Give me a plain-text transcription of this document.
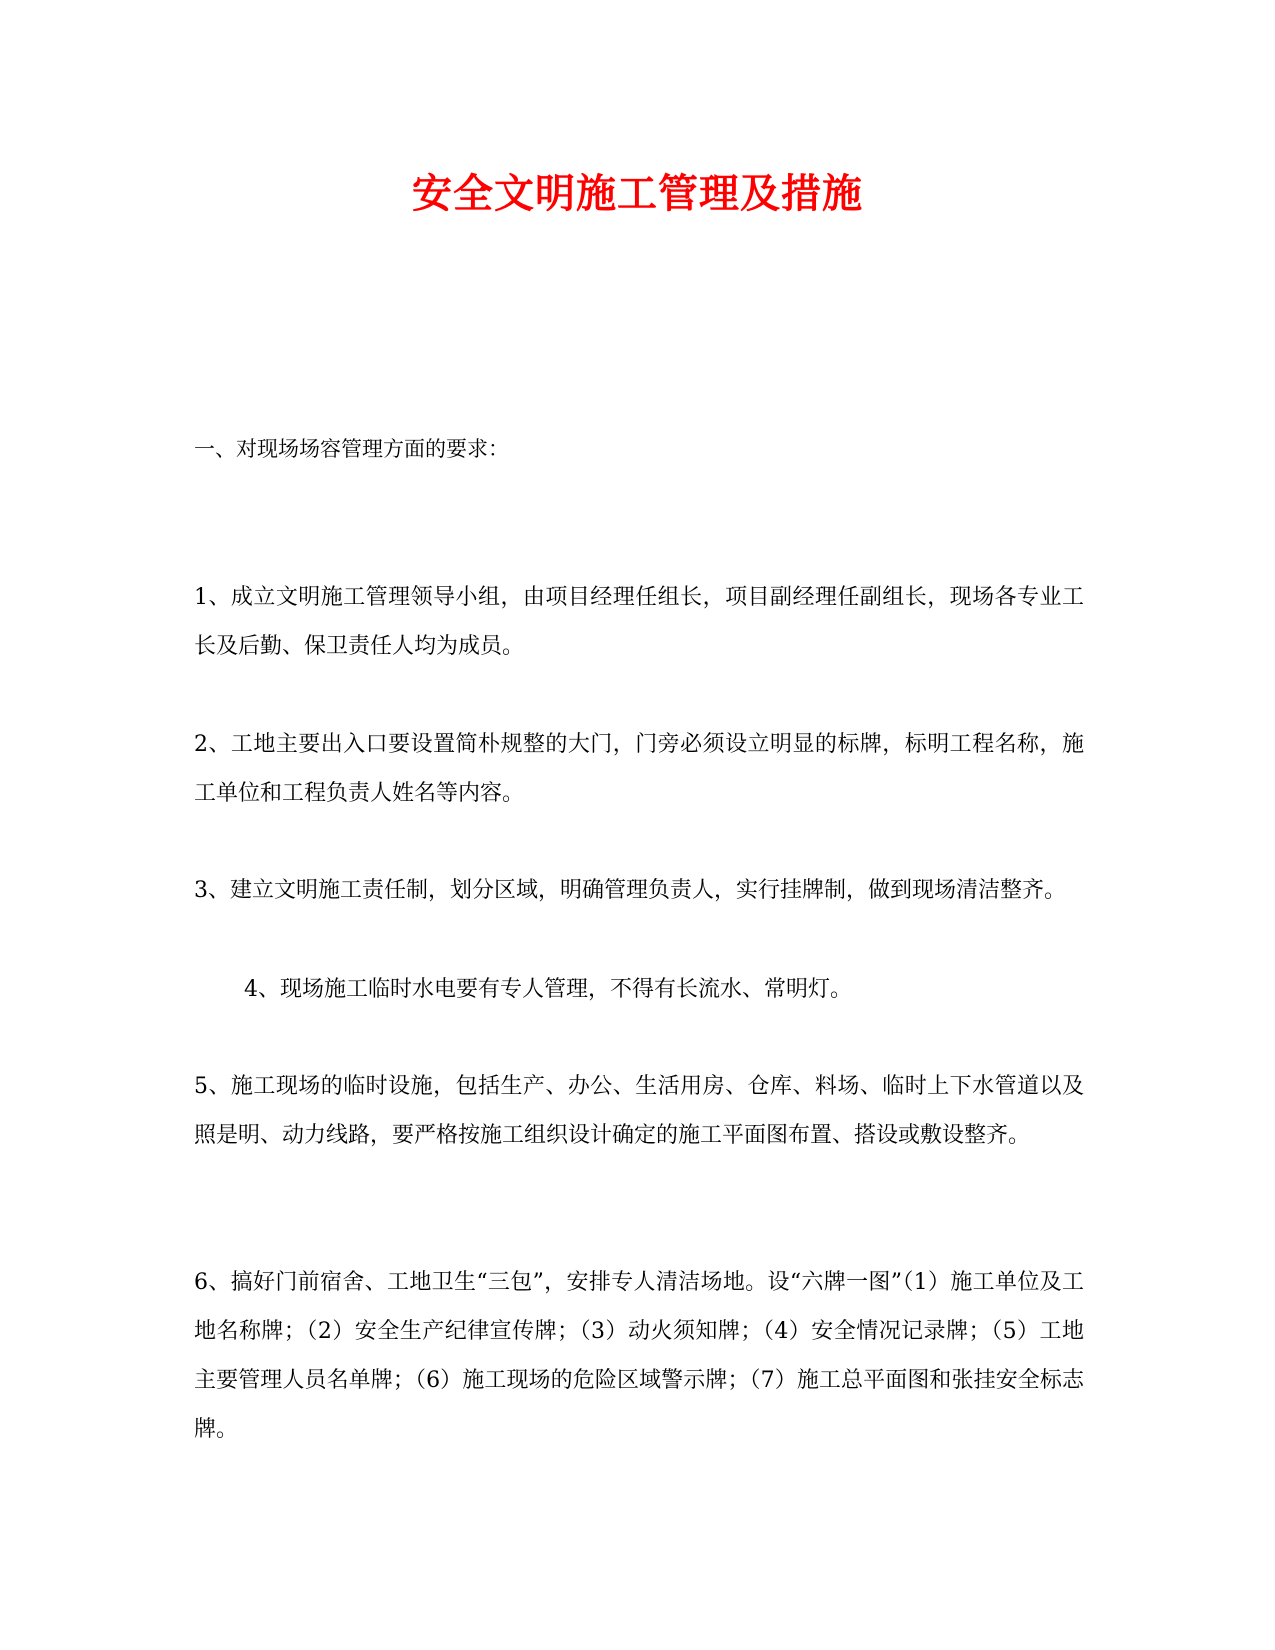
安全文明施工管理及措施
一、对现场场容管理方面的要求：
1、成立文明施工管理领导小组，由项目经理任组长，项目副经理任副组长，现场各专业工长及后勤、保卫责任人均为成员。
2、工地主要出入口要设置简朴规整的大门，门旁必须设立明显的标牌，标明工程名称，施工单位和工程负责人姓名等内容。
3、建立文明施工责任制，划分区域，明确管理负责人，实行挂牌制，做到现场清洁整齐。
4、现场施工临时水电要有专人管理，不得有长流水、常明灯。
5、施工现场的临时设施，包括生产、办公、生活用房、仓库、料场、临时上下水管道以及照是明、动力线路，要严格按施工组织设计确定的施工平面图布置、搭设或敷设整齐。
6、搞好门前宿舍、工地卫生“三包”，安排专人清洁场地。设“六牌一图”（1）施工单位及工地名称牌；（2）安全生产纪律宣传牌；（3）动火须知牌；（4）安全情况记录牌；（5）工地主要管理人员名单牌；（6）施工现场的危险区域警示牌；（7）施工总平面图和张挂安全标志牌。
